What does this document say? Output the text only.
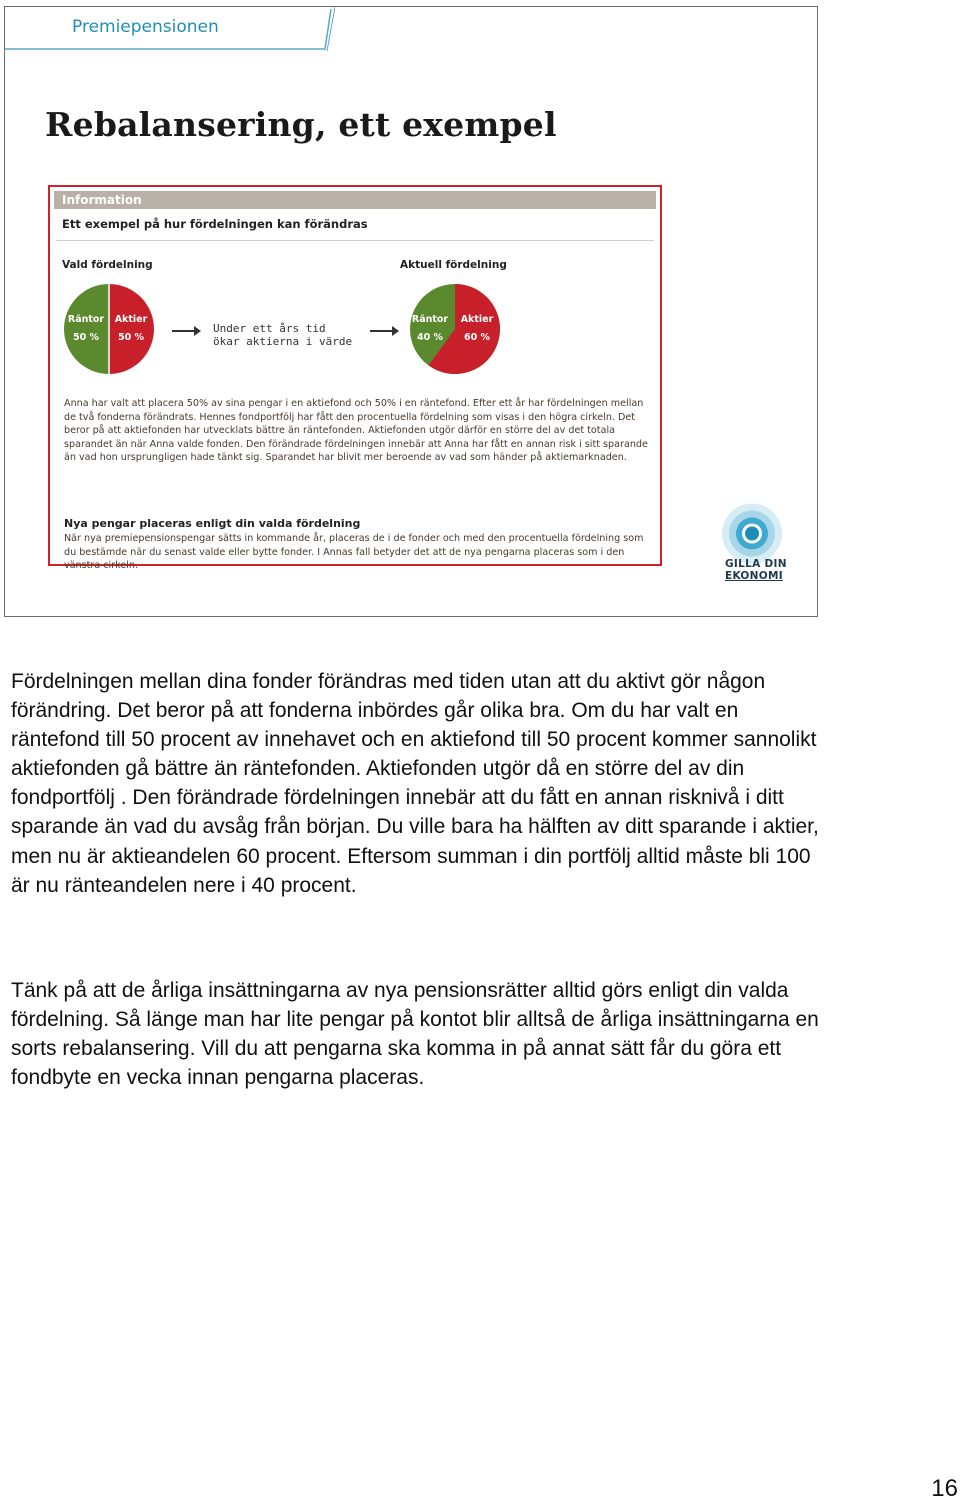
Premiepensionen
Rebalansering, ett exempel
Information
Ett exempel på hur fördelningen kan förändras
Vald fördelning	Aktuell fördelning
Räntor
50 %
Aktier
50 %
Under ett års tid
ökar aktierna i värde
Räntor
40 %
Aktier
60 %
Anna har valt att placera 50% av sina pengar i en aktiefond och 50% i en räntefond. Efter ett år har fördelningen mellan de två fonderna förändrats. Hennes fondportfölj har fått den procentuella fördelning som visas i den högra cirkeln. Det beror på att aktiefonden har utvecklats bättre än räntefonden. Aktiefonden utgör därför en större del av det totala sparandet än när Anna valde fonden. Den förändrade fördelningen innebär att Anna har fått en annan risk i sitt sparande än vad hon ursprungligen hade tänkt sig. Sparandet har blivit mer beroende av vad som händer på aktiemarknaden.
Nya pengar placeras enligt din valda fördelning
När nya premiepensionspengar sätts in kommande år, placeras de i de fonder och med den procentuella fördelning som du bestämde när du senast valde eller bytte fonder. I Annas fall betyder det att de nya pengarna placeras som i den vänstra cirkeln.	GILLA DIN
EKONOMI
Fördelningen mellan dina fonder förändras med tiden utan att du aktivt gör någon förändring. Det beror på att fonderna inbördes går olika bra. Om du har valt en räntefond till 50 procent av innehavet och en aktiefond till 50 procent kommer sannolikt aktiefonden gå bättre än räntefonden. Aktiefonden utgör då en större del av din fondportfölj . Den förändrade fördelningen innebär att du fått en annan risknivå i ditt sparande än vad du avsåg från början. Du ville bara ha hälften av ditt sparande i aktier, men nu är aktieandelen 60 procent. Eftersom summan i din portfölj alltid måste bli 100 är nu ränteandelen nere i 40 procent.
Tänk på att de årliga insättningarna av nya pensionsrätter alltid görs enligt din valda fördelning. Så länge man har lite pengar på kontot blir alltså de årliga insättningarna en sorts rebalansering. Vill du att pengarna ska komma in på annat sätt får du göra ett fondbyte en vecka innan pengarna placeras.
16
